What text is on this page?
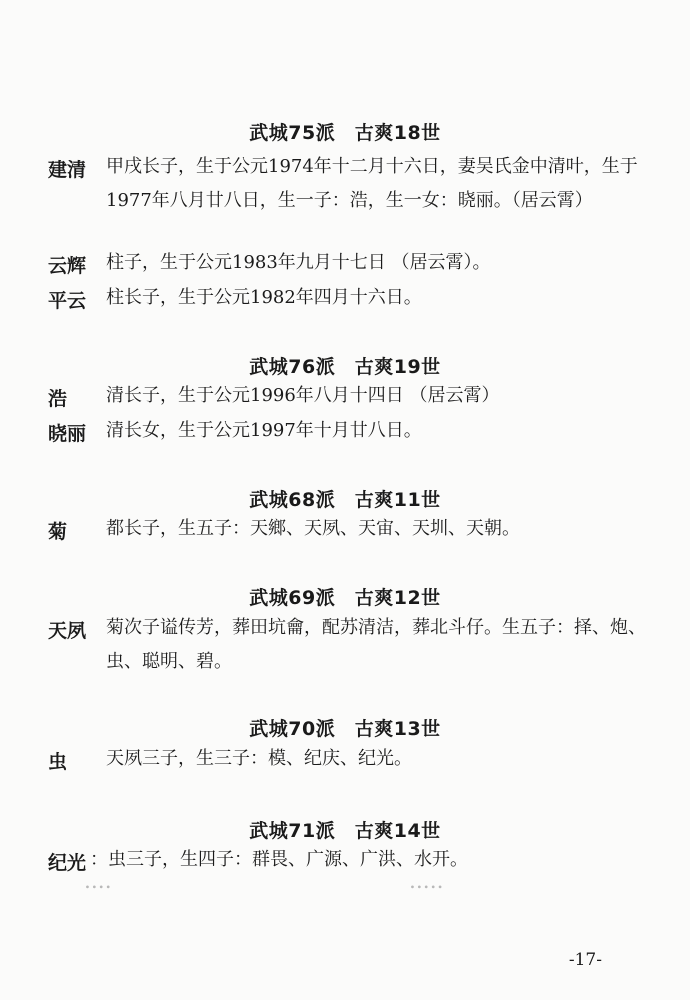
武城75派　古爽18世
建清 甲戌长子，生于公元1974年十二月十六日，妻吴氏金中清叶，生于1977年八月廿八日，生一子：浩，生一女：晓丽。（居云霄）
云辉 柱子，生于公元1983年九月十七日 （居云霄）。
平云 柱长子，生于公元1982年四月十六日。
武城76派　古爽19世
浩 清长子，生于公元1996年八月十四日 （居云霄）
晓丽 清长女，生于公元1997年十月廿八日。
武城68派　古爽11世
菊 都长子，生五子：天鄉、天夙、天宙、天圳、天朝。
武城69派　古爽12世
天夙 菊次子谥传芳，葬田坑龠，配苏清洁，葬北斗仔。生五子：择、炮、虫、聪明、碧。
武城70派　古爽13世
虫 天夙三子，生三子：模、纪庆、纪光。
武城71派　古爽14世
纪光 ：虫三子，生四子：群畏、广源、广洪、水开。
∙∙∙∙	∙∙∙∙∙
-17-
